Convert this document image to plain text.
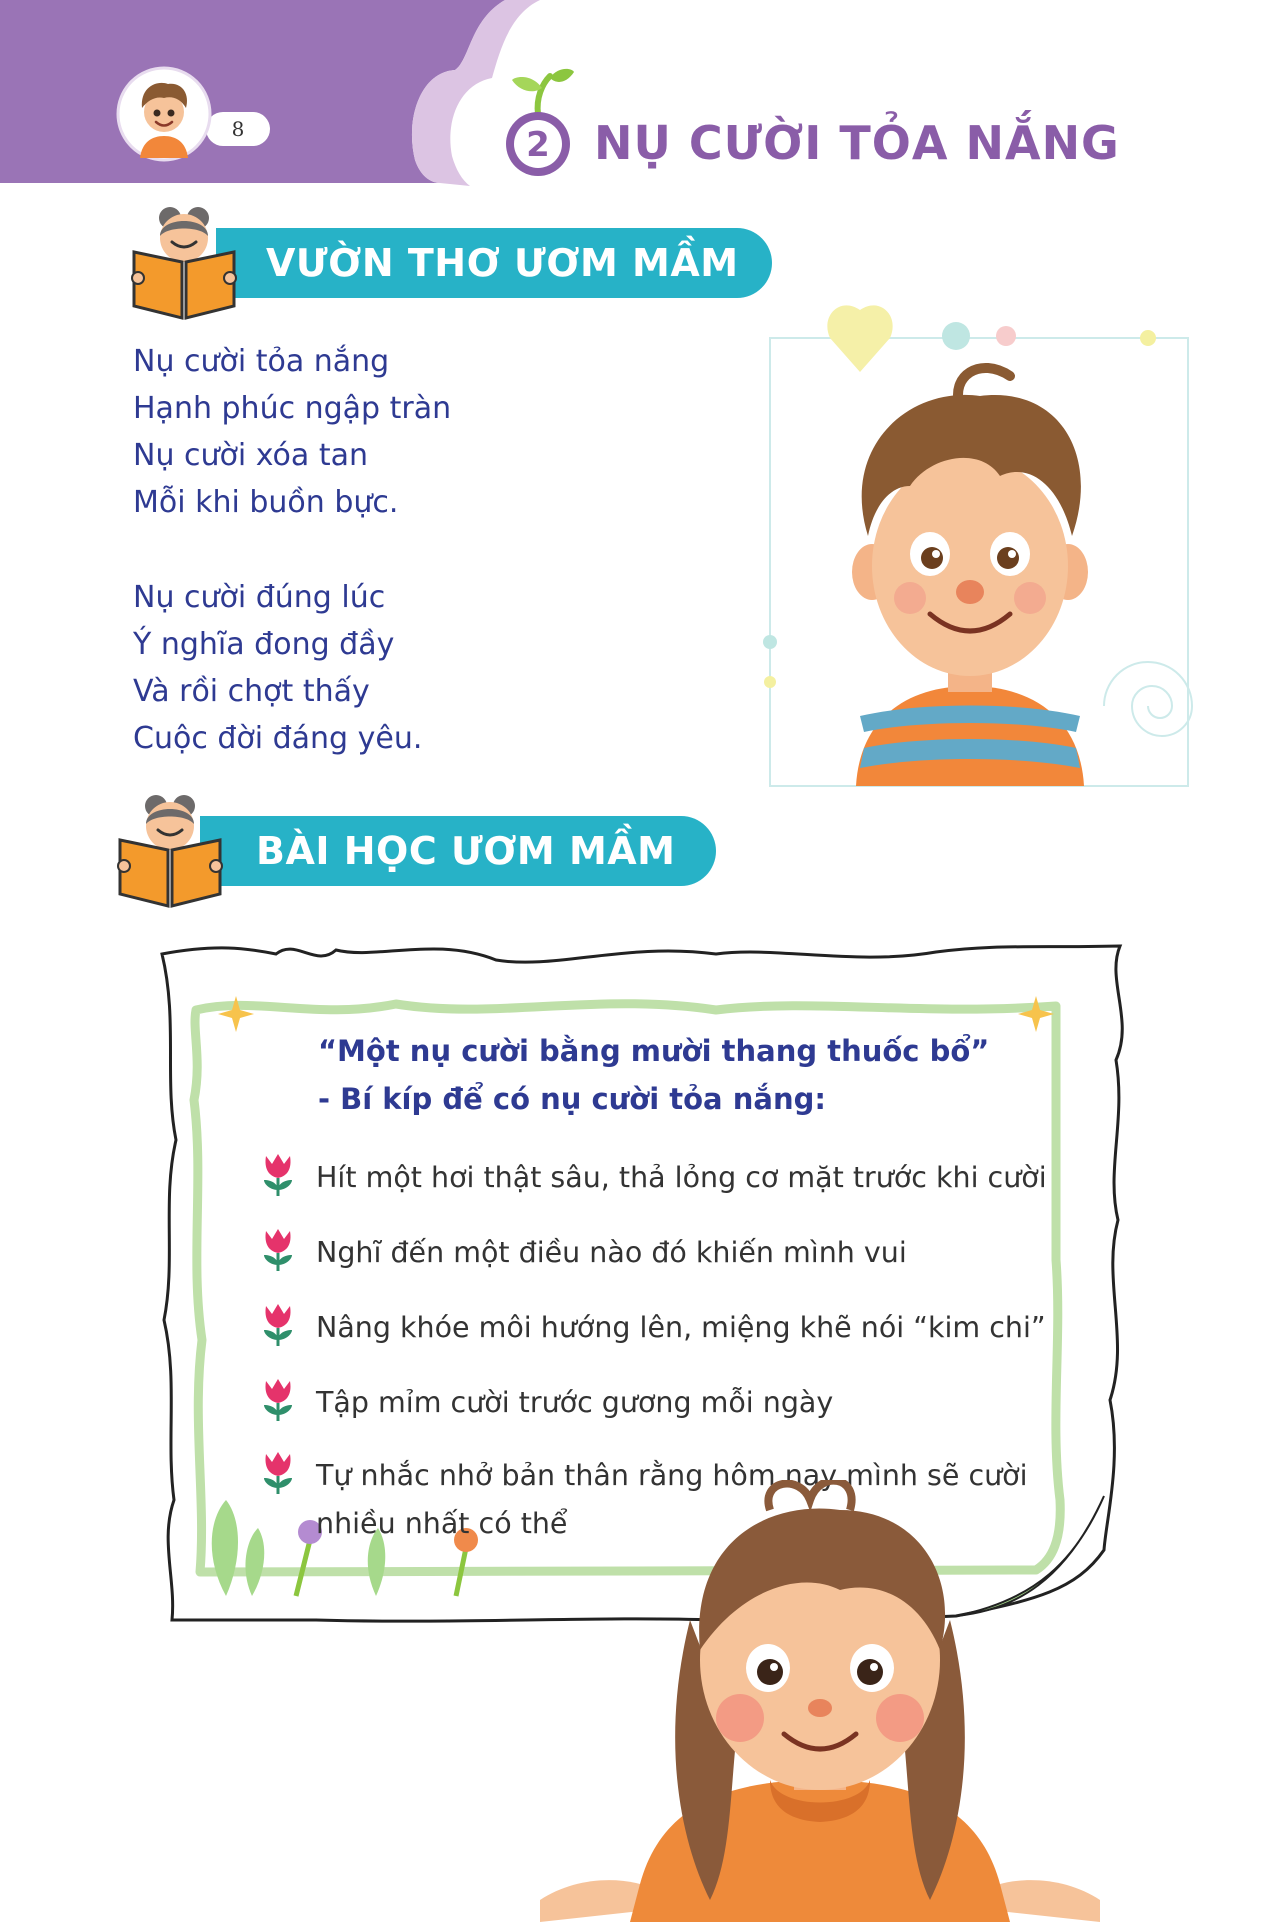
8	2 NỤ CƯỜI TỎA NẮNG
VƯỜN THƠ ƯƠM MẦM
Nụ cười tỏa nắng
Hạnh phúc ngập tràn
Nụ cười xóa tan
Mỗi khi buồn bực.
Nụ cười đúng lúc
Ý nghĩa đong đầy
Và rồi chợt thấy
Cuộc đời đáng yêu.
BÀI HỌC ƯƠM MẦM
“Một nụ cười bằng mười thang thuốc bổ”
- Bí kíp để có nụ cười tỏa nắng:
Hít một hơi thật sâu, thả lỏng cơ mặt trước khi cười
Nghĩ đến một điều nào đó khiến mình vui
Nâng khóe môi hướng lên, miệng khẽ nói “kim chi”
Tập mỉm cười trước gương mỗi ngày
Tự nhắc nhở bản thân rằng hôm nay mình sẽ cười
nhiều nhất có thể
